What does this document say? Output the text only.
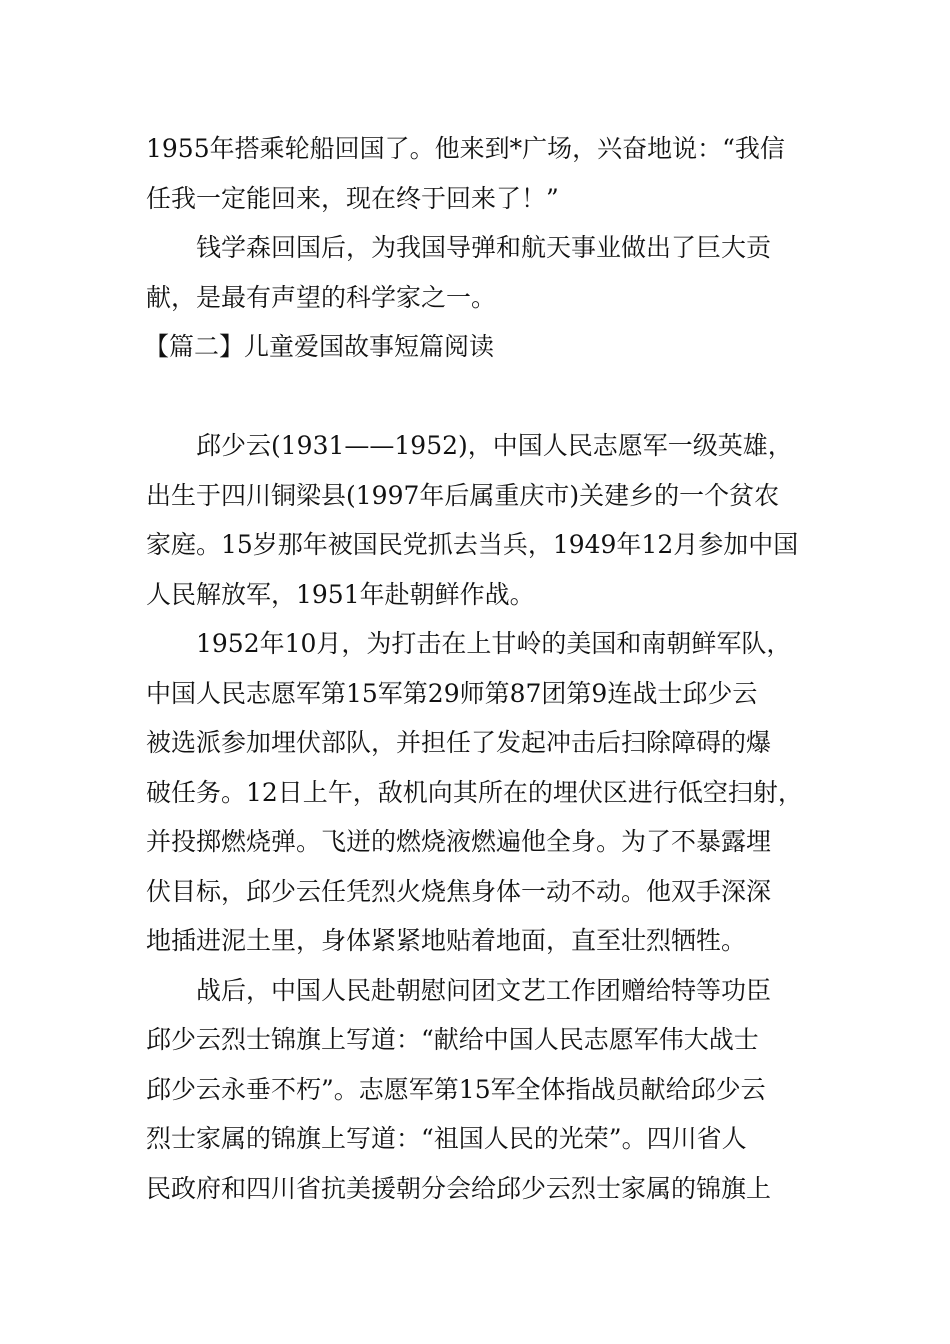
1955年搭乘轮船回国了。他来到*广场，兴奋地说：“我信
任我一定能回来，现在终于回来了！”
钱学森回国后，为我国导弹和航天事业做出了巨大贡
献，是最有声望的科学家之一。
【篇二】儿童爱国故事短篇阅读
邱少云(1931——1952)，中国人民志愿军一级英雄，
出生于四川铜梁县(1997年后属重庆市)关建乡的一个贫农
家庭。15岁那年被国民党抓去当兵，1949年12月参加中国
人民解放军，1951年赴朝鲜作战。
1952年10月，为打击在上甘岭的美国和南朝鲜军队，
中国人民志愿军第15军第29师第87团第9连战士邱少云
被选派参加埋伏部队，并担任了发起冲击后扫除障碍的爆
破任务。12日上午，敌机向其所在的埋伏区进行低空扫射，
并投掷燃烧弹。飞迸的燃烧液燃遍他全身。为了不暴露埋
伏目标，邱少云任凭烈火烧焦身体一动不动。他双手深深
地插进泥土里，身体紧紧地贴着地面，直至壮烈牺牲。
战后，中国人民赴朝慰问团文艺工作团赠给特等功臣
邱少云烈士锦旗上写道：“献给中国人民志愿军伟大战士
邱少云永垂不朽”。志愿军第15军全体指战员献给邱少云
烈士家属的锦旗上写道：“祖国人民的光荣”。四川省人
民政府和四川省抗美援朝分会给邱少云烈士家属的锦旗上
